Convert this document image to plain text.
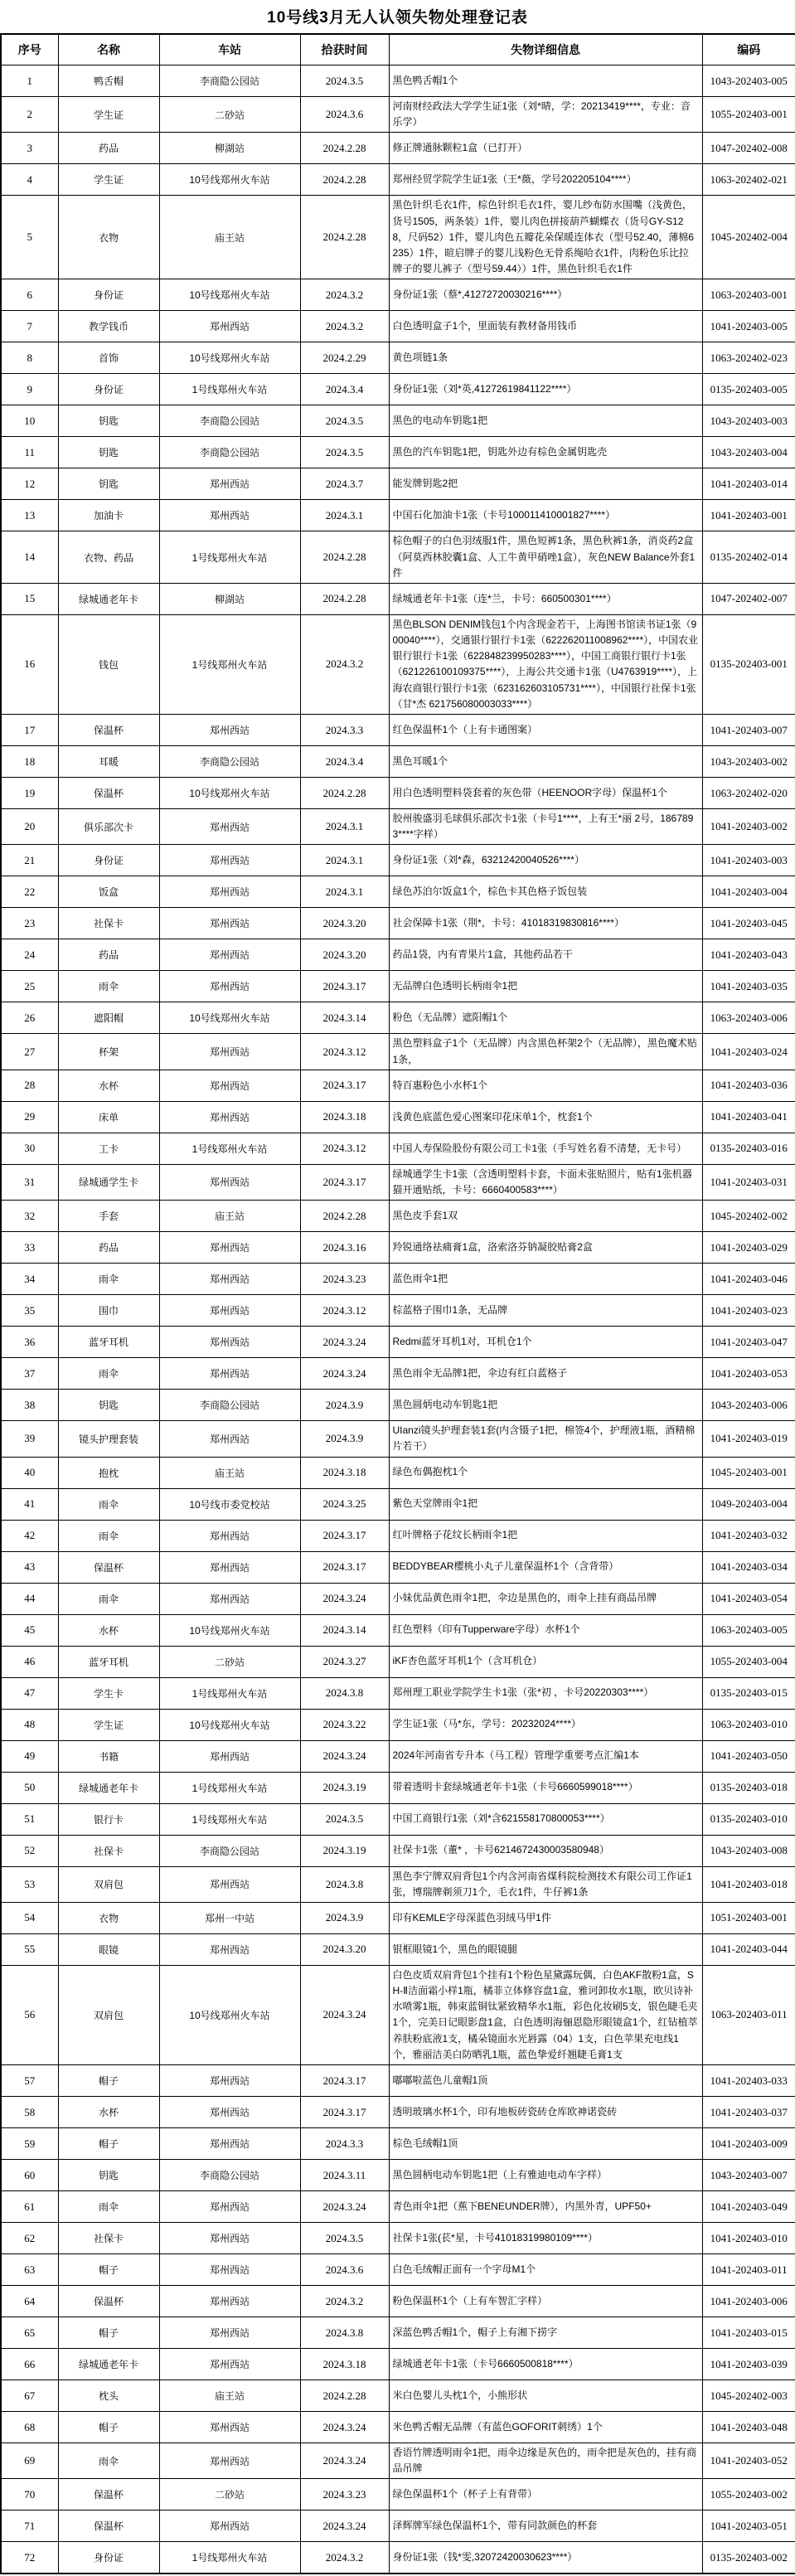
10号线3月无人认领失物处理登记表
序号	名称	车站	拾获时间	失物详细信息	编码
1	鸭舌帽	李商隐公园站	2024.3.5	黑色鸭舌帽1个	1043-202403-005
2	学生证	二砂站	2024.3.6	河南财经政法大学学生证1张（刘*晴，学：20213419****，专业：音乐学）	1055-202403-001
3	药品	柳湖站	2024.2.28	修正牌通脉颗粒1盒（已打开）	1047-202402-008
4	学生证	10号线郑州火车站	2024.2.28	郑州经贸学院学生证1张（王*薇，学号202205104****）	1063-202402-021
5	衣物	庙王站	2024.2.28	黑色针织毛衣1件，棕色针织毛衣1件，婴儿纱布防水围嘴（浅黄色，货号1505，两条装）1件，婴儿肉色拼接葫芦蝴蝶衣（货号GY-S128，尺码52）1件，婴儿肉色五瓣花朵保暖连体衣（型号52.40，薄棉6235）1件，暄启牌子的婴儿浅粉色无骨系绳哈衣1件，肉粉色乐比拉牌子的婴儿裤子（型号59.44））1件，黑色针织毛衣1件	1045-202402-004
6	身份证	10号线郑州火车站	2024.3.2	身份证1张（蔡*,41272720030216****）	1063-202403-001
7	教学钱币	郑州西站	2024.3.2	白色透明盒子1个，里面装有教材备用钱币	1041-202403-005
8	首饰	10号线郑州火车站	2024.2.29	黄色项链1条	1063-202402-023
9	身份证	1号线郑州火车站	2024.3.4	身份证1张（刘*英,41272619841122****）	0135-202403-005
10	钥匙	李商隐公园站	2024.3.5	黑色的电动车钥匙1把	1043-202403-003
11	钥匙	李商隐公园站	2024.3.5	黑色的汽车钥匙1把，钥匙外边有棕色金属钥匙壳	1043-202403-004
12	钥匙	郑州西站	2024.3.7	能发牌钥匙2把	1041-202403-014
13	加油卡	郑州西站	2024.3.1	中国石化加油卡1张（卡号100011410001827****）	1041-202403-001
14	衣物、药品	1号线郑州火车站	2024.2.28	棕色帽子的白色羽绒服1件，黑色短裤1条，黑色秋裤1条，消炎药2盒（阿莫西林胶囊1盒、人工牛黄甲硝唑1盒），灰色NEW Balance外套1件	0135-202402-014
15	绿城通老年卡	柳湖站	2024.2.28	绿城通老年卡1张（连*兰，卡号：660500301****）	1047-202402-007
16	钱包	1号线郑州火车站	2024.3.2	黑色BLSON DENIM钱包1个内含现金若干，上海图书馆读书证1张（900040****），交通银行银行卡1张（622262011008962****），中国农业银行银行卡1张（622848239950283****），中国工商银行银行卡1张（621226100109375****），上海公共交通卡1张（U4763919****），上海农商银行银行卡1张（623162603105731****），中国银行社保卡1张（甘*杰 621756080003033****）	0135-202403-001
17	保温杯	郑州西站	2024.3.3	红色保温杯1个（上有卡通图案）	1041-202403-007
18	耳暖	李商隐公园站	2024.3.4	黑色耳暖1个	1043-202403-002
19	保温杯	10号线郑州火车站	2024.2.28	用白色透明塑料袋套着的灰色带（HEENOOR字母）保温杯1个	1063-202402-020
20	俱乐部次卡	郑州西站	2024.3.1	胶州骏盛羽毛球俱乐部次卡1张（卡号1****，上有王*丽 2号，1867893****字样）	1041-202403-002
21	身份证	郑州西站	2024.3.1	身份证1张（刘*森，63212420040526****）	1041-202403-003
22	饭盒	郑州西站	2024.3.1	绿色苏泊尔饭盒1个，棕色卡其色格子饭包装	1041-202403-004
23	社保卡	郑州西站	2024.3.20	社会保障卡1张（荆*，卡号：41018319830816****）	1041-202403-045
24	药品	郑州西站	2024.3.20	药品1袋，内有青果片1盒，其他药品若干	1041-202403-043
25	雨伞	郑州西站	2024.3.17	无品牌白色透明长柄雨伞1把	1041-202403-035
26	遮阳帽	10号线郑州火车站	2024.3.14	粉色（无品牌）遮阳帽1个	1063-202403-006
27	杯架	郑州西站	2024.3.12	黑色塑料盒子1个（无品牌）内含黑色杯架2个（无品牌），黑色魔术贴1条，	1041-202403-024
28	水杯	郑州西站	2024.3.17	特百惠粉色小水杯1个	1041-202403-036
29	床单	郑州西站	2024.3.18	浅黄色底蓝色爱心图案印花床单1个，枕套1个	1041-202403-041
30	工卡	1号线郑州火车站	2024.3.12	中国人寿保险股份有限公司工卡1张（手写姓名看不清楚，无卡号）	0135-202403-016
31	绿城通学生卡	郑州西站	2024.3.17	绿城通学生卡1张（含透明塑料卡套，卡面未张贴照片，贴有1张机器猫开通贴纸，卡号：6660400583****）	1041-202403-031
32	手套	庙王站	2024.2.28	黑色皮手套1双	1045-202402-002
33	药品	郑州西站	2024.3.16	羚锐通络祛痛膏1盒，洛索洛芬钠凝胶贴膏2盒	1041-202403-029
34	雨伞	郑州西站	2024.3.23	蓝色雨伞1把	1041-202403-046
35	围巾	郑州西站	2024.3.12	棕蓝格子围巾1条，无品牌	1041-202403-023
36	蓝牙耳机	郑州西站	2024.3.24	Redmi蓝牙耳机1对，耳机仓1个	1041-202403-047
37	雨伞	郑州西站	2024.3.24	黑色雨伞无品牌1把，伞边有红白蓝格子	1041-202403-053
38	钥匙	李商隐公园站	2024.3.9	黑色圆炳电动车钥匙1把	1043-202403-006
39	镜头护理套装	郑州西站	2024.3.9	UIanzi镜头护理套装1套(内含镊子1把，棉签4个，护理液1瓶，酒精棉片若干）	1041-202403-019
40	抱枕	庙王站	2024.3.18	绿色布偶抱枕1个	1045-202403-001
41	雨伞	10号线市委党校站	2024.3.25	紫色天堂牌雨伞1把	1049-202403-004
42	雨伞	郑州西站	2024.3.17	红叶牌格子花纹长柄雨伞1把	1041-202403-032
43	保温杯	郑州西站	2024.3.17	BEDDYBEAR樱桃小丸子儿童保温杯1个（含背带）	1041-202403-034
44	雨伞	郑州西站	2024.3.24	小妹优品黄色雨伞1把，伞边是黑色的，雨伞上挂有商品吊牌	1041-202403-054
45	水杯	10号线郑州火车站	2024.3.14	红色塑料（印有Tupperware字母）水杯1个	1063-202403-005
46	蓝牙耳机	二砂站	2024.3.27	iKF杏色蓝牙耳机1个（含耳机仓）	1055-202403-004
47	学生卡	1号线郑州火车站	2024.3.8	郑州理工职业学院学生卡1张（张*初 ，卡号20220303****）	0135-202403-015
48	学生证	10号线郑州火车站	2024.3.22	学生证1张（马*东，学号：20232024****）	1063-202403-010
49	书籍	郑州西站	2024.3.24	2024年河南省专升本（马工程）管理学重要考点汇编1本	1041-202403-050
50	绿城通老年卡	1号线郑州火车站	2024.3.19	带着透明卡套绿城通老年卡1张（卡号6660599018****）	0135-202403-018
51	银行卡	1号线郑州火车站	2024.3.5	中国工商银行1张（刘*含621558170800053****）	0135-202403-010
52	社保卡	李商隐公园站	2024.3.19	社保卡1张（董* ，卡号6214672430003580948）	1043-202403-008
53	双肩包	郑州西站	2024.3.8	黑色李宁牌双肩背包1个内含河南省煤科院检测技术有限公司工作证1张，博瑞牌剃须刀1个，毛衣1件，牛仔裤1条	1041-202403-018
54	衣物	郑州一中站	2024.3.9	印有KEMLE字母深蓝色羽绒马甲1件	1051-202403-001
55	眼镜	郑州西站	2024.3.20	银框眼镜1个，黑色的眼镜腿	1041-202403-044
56	双肩包	10号线郑州火车站	2024.3.24	白色皮质双肩背包1个挂有1个粉色星黛露玩偶，白色AKF散粉1盒，SH-Ⅱ洁面霜小样1瓶，橘菲立体修容盘1盒，雅诃卸妆水1瓶，欧贝诗补水喷雾1瓶，韩束蓝铜钛紧致精华水1瓶，彩色化妆刷5支，银色睫毛夹1个，完美日记眼影盘1盒，白色透明海俪恩隐形眼镜盒1个，红钻植萃养肤粉底液1支，橘朵镜面水光唇露（04）1支，白色苹果充电线1个，雅丽洁美白防晒乳1瓶，蓝色挚爱纤翘睫毛膏1支	1063-202403-011
57	帽子	郑州西站	2024.3.17	嘟嘟啦蓝色儿童帽1顶	1041-202403-033
58	水杯	郑州西站	2024.3.17	透明玻璃水杯1个，印有地板砖瓷砖仓库欧神诺瓷砖	1041-202403-037
59	帽子	郑州西站	2024.3.3	棕色毛绒帽1顶	1041-202403-009
60	钥匙	李商隐公园站	2024.3.11	黑色圆柄电动车钥匙1把（上有雅迪电动车字样）	1043-202403-007
61	雨伞	郑州西站	2024.3.24	青色雨伞1把（蕉下BENEUNDER牌），内黑外青，UPF50+	1041-202403-049
62	社保卡	郑州西站	2024.3.5	社保卡1张(苌*星，卡号41018319980109****）	1041-202403-010
63	帽子	郑州西站	2024.3.6	白色毛绒帽正面有一个字母M1个	1041-202403-011
64	保温杯	郑州西站	2024.3.2	粉色保温杯1个（上有车智汇字样）	1041-202403-006
65	帽子	郑州西站	2024.3.8	深蓝色鸭舌帽1个，帽子上有湘下捞字	1041-202403-015
66	绿城通老年卡	郑州西站	2024.3.18	绿城通老年卡1张（卡号6660500818****）	1041-202403-039
67	枕头	庙王站	2024.2.28	米白色婴儿头枕1个，小熊形状	1045-202402-003
68	帽子	郑州西站	2024.3.24	米色鸭舌帽无品牌（有蓝色GOFORIT刺绣）1个	1041-202403-048
69	雨伞	郑州西站	2024.3.24	香语竹牌透明雨伞1把，雨伞边缘是灰色的，雨伞把是灰色的，挂有商品吊牌	1041-202403-052
70	保温杯	二砂站	2024.3.23	绿色保温杯1个（杯子上有背带）	1055-202403-002
71	保温杯	郑州西站	2024.3.24	泽辉牌军绿色保温杯1个，带有同款颜色的杯套	1041-202403-051
72	身份证	1号线郑州火车站	2024.3.2	身份证1张（钱*雯,32072420030623****）	0135-202403-002
